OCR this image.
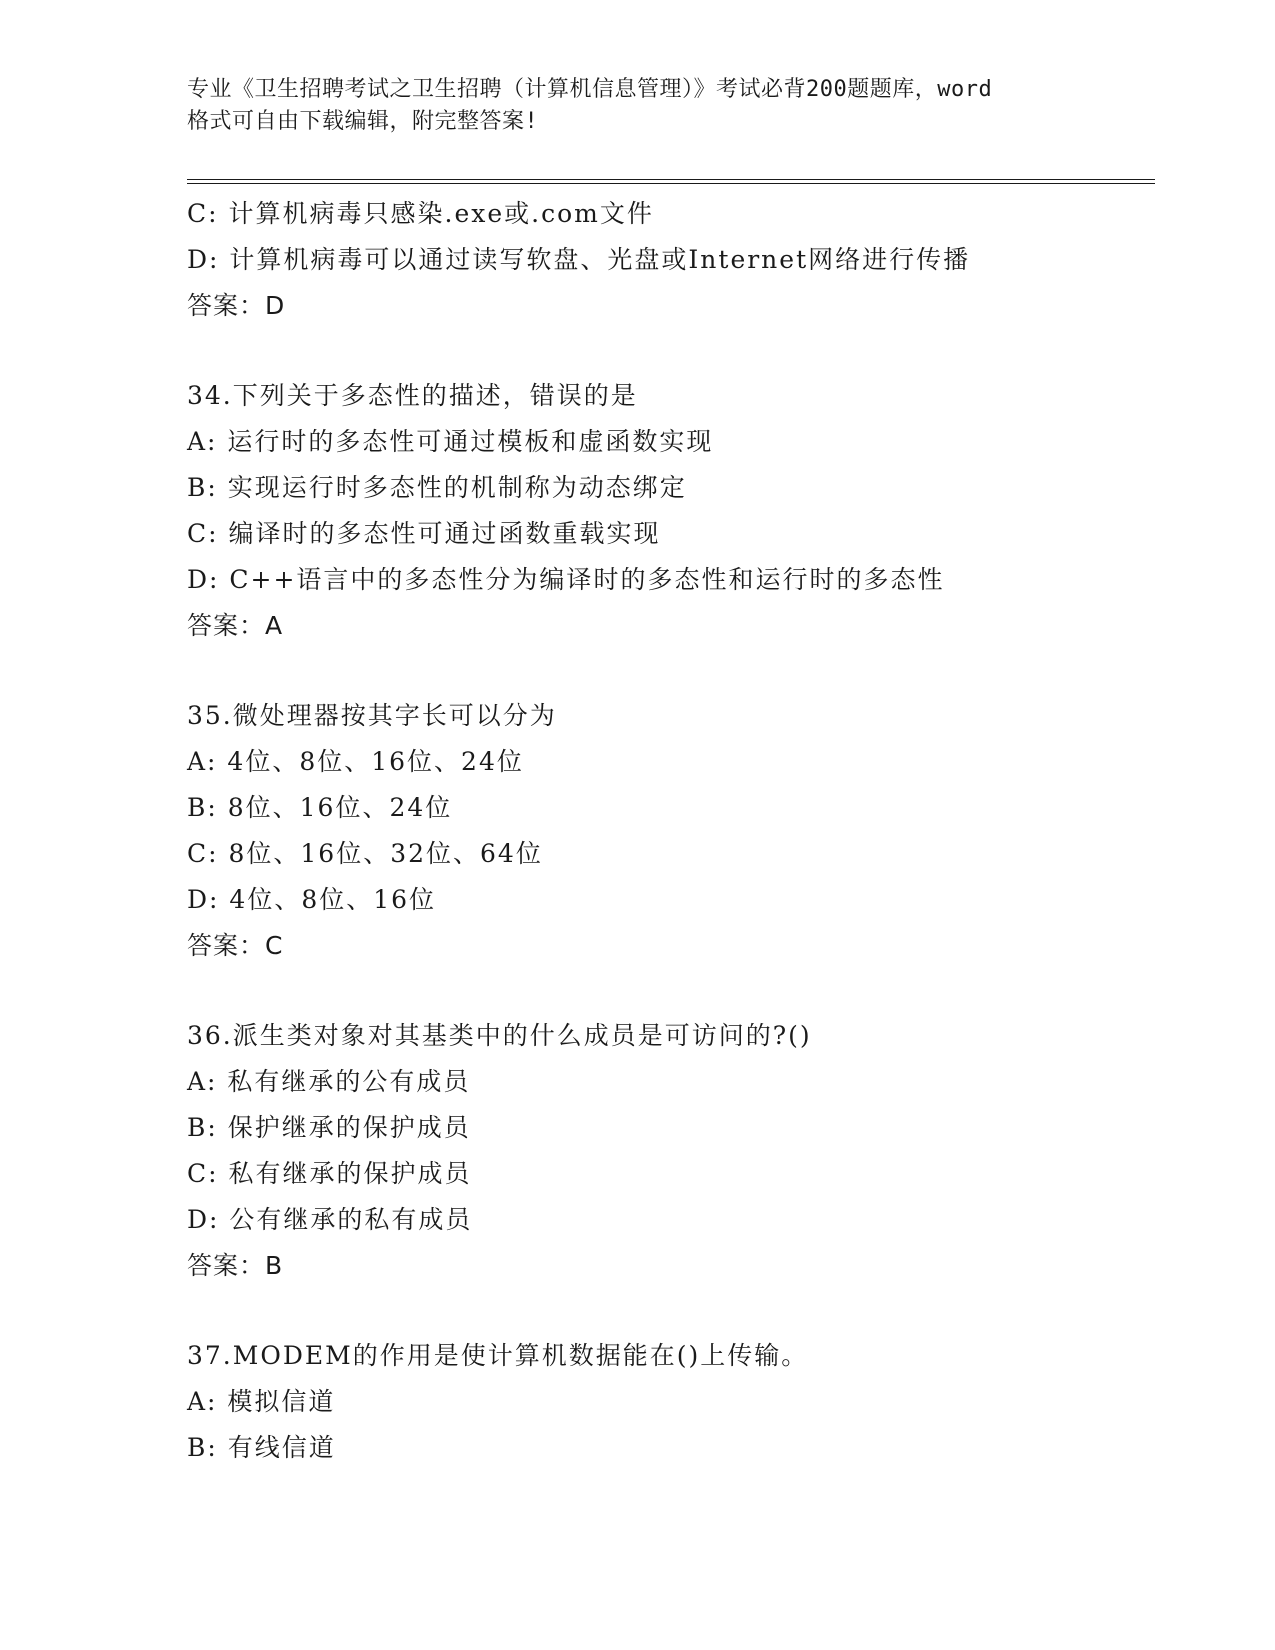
专业《卫生招聘考试之卫生招聘（计算机信息管理）》考试必背200题题库，word
格式可自由下载编辑，附完整答案!
C: 计算机病毒只感染.exe或.com文件
D: 计算机病毒可以通过读写软盘、光盘或Internet网络进行传播
答案：D
34.下列关于多态性的描述，错误的是
A: 运行时的多态性可通过模板和虚函数实现
B: 实现运行时多态性的机制称为动态绑定
C: 编译时的多态性可通过函数重载实现
D: C++语言中的多态性分为编译时的多态性和运行时的多态性
答案：A
35.微处理器按其字长可以分为
A: 4位、8位、16位、24位
B: 8位、16位、24位
C: 8位、16位、32位、64位
D: 4位、8位、16位
答案：C
36.派生类对象对其基类中的什么成员是可访问的?()
A: 私有继承的公有成员
B: 保护继承的保护成员
C: 私有继承的保护成员
D: 公有继承的私有成员
答案：B
37.MODEM的作用是使计算机数据能在()上传输。
A: 模拟信道
B: 有线信道
